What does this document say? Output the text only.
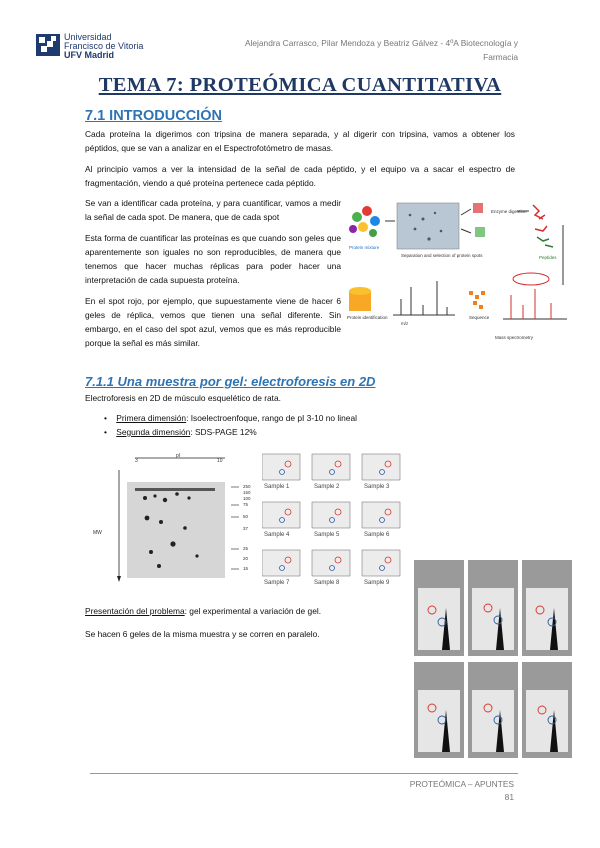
Universidad
Francisco de Vitoria
UFV Madrid
Alejandra Carrasco, Pilar Mendoza y Beatriz Gálvez - 4ºA Biotecnología y
Farmacia
TEMA 7: PROTEÓMICA CUANTITATIVA
7.1 INTRODUCCIÓN
Cada proteína la digerimos con tripsina de manera separada, y al digerir con tripsina, vamos a obtener los péptidos, que se van a analizar en el Espectrofotómetro de masas.
Al principio vamos a ver la intensidad de la señal de cada péptido, y el equipo va a sacar el espectro de fragmentación, viendo a qué proteína pertenece cada péptido.
Se van a identificar cada proteína, y para cuantificar, vamos a medir la señal de cada spot. De manera, que de cada spot
Esta forma de cuantificar las proteínas es que cuando son geles que aparentemente son iguales no son reproducibles, de manera que tenemos que hacer muchas réplicas para poder hacer una interpretación de cada supuesta proteína.
En el spot rojo, por ejemplo, que supuestamente viene de hacer 6 geles de réplica, vemos que tienen una señal diferente. Sin embargo, en el caso del spot azul, vemos que es más reproducible porque la señal es más similar.
Protein mixture
Separation and selection of protein spots
Enzyme digestion
Peptides
Protein identification
m/z
Sequence
Mass spectrometry
7.1.1 Una muestra por gel: electroforesis en 2D
Electroforesis en 2D de músculo esquelético de rata.
• Primera dimensión: Isoelectroenfoque, rango de pI 3-10 no lineal
• Segunda dimensión: SDS-PAGE 12%
3
pI
10
MW
250
150
100
75
50
37
25
20
15
Sample 1	Sample 2	Sample 3
Sample 4	Sample 5	Sample 6
Sample 7	Sample 8	Sample 9
Presentación del problema: gel experimental a variación de gel.
Se hacen 6 geles de la misma muestra y se corren en paralelo.
PROTEÓMICA – APUNTES
81
